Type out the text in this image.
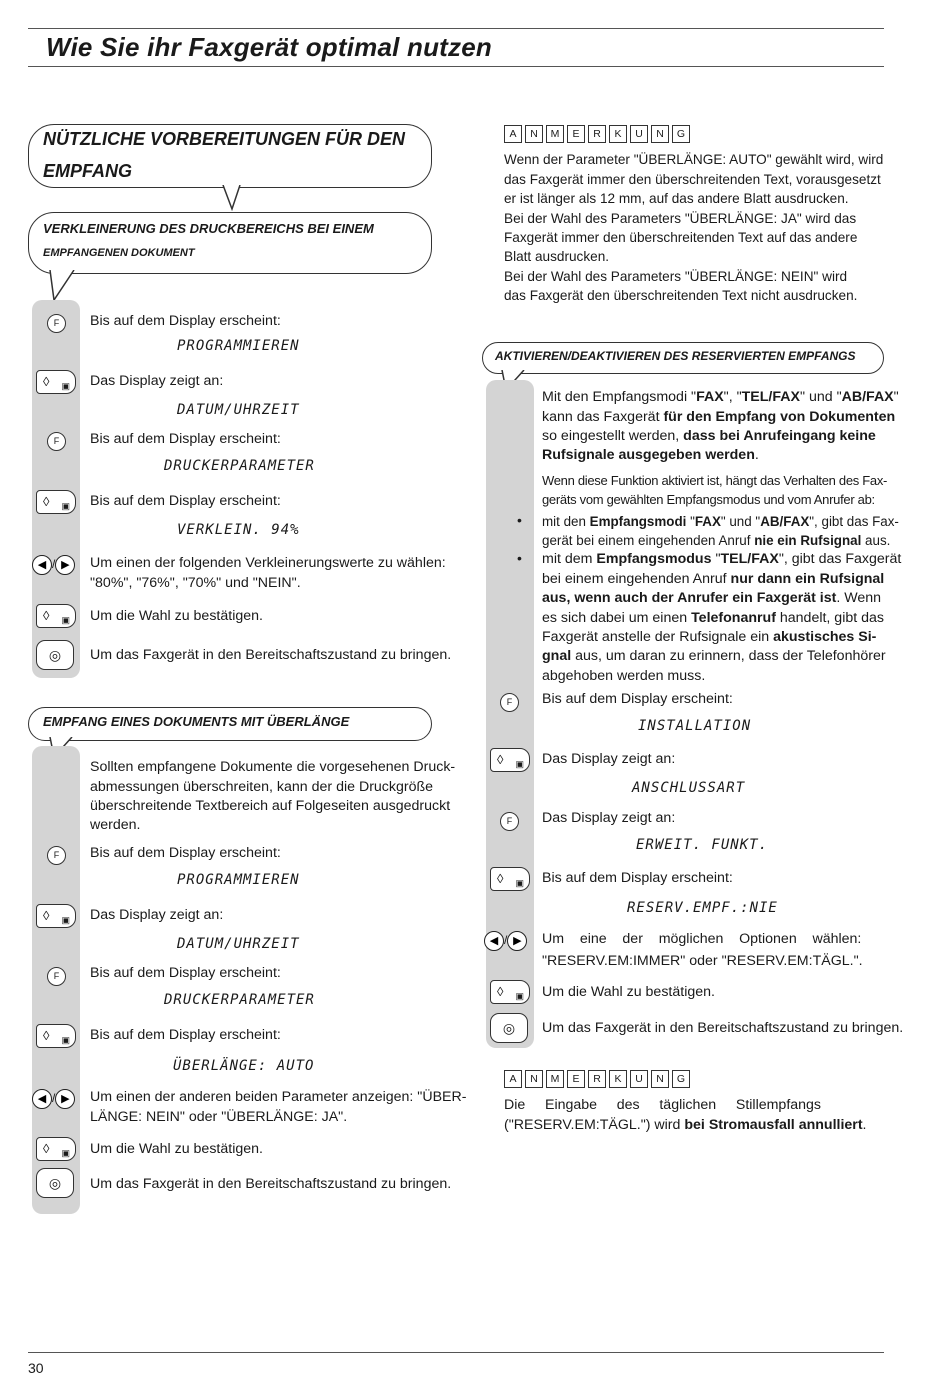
Wie Sie ihr Faxgerät optimal nutzen
NÜTZLICHE VORBEREITUNGEN FÜR DEN
EMPFANG
VERKLEINERUNG DES DRUCKBEREICHS BEI EINEM
EMPFANGENEN DOKUMENT
F	Bis auf dem Display erscheint:
PROGRAMMIEREN
◊ ▣ Das Display zeigt an:
DATUM/UHRZEIT
F	Bis auf dem Display erscheint:
DRUCKERPARAMETER
◊ ▣ Bis auf dem Display erscheint:
VERKLEIN. 94%
◀ / ▶	Um einen der folgenden Verkleinerungswerte zu wählen:
"80%", "76%", "70%" und "NEIN".
◊ ▣ Um die Wahl zu bestätigen.
◎	Um das Faxgerät in den Bereitschaftszustand zu bringen.
EMPFANG EINES DOKUMENTS MIT ÜBERLÄNGE
Sollten empfangene Dokumente die vorgesehenen Druck-
abmessungen überschreiten, kann der die Druckgröße
überschreitende Textbereich auf Folgeseiten ausgedruckt
werden.
F	Bis auf dem Display erscheint:
PROGRAMMIEREN
◊ ▣ Das Display zeigt an:
DATUM/UHRZEIT
F	Bis auf dem Display erscheint:
DRUCKERPARAMETER
◊ ▣ Bis auf dem Display erscheint:
ÜBERLÄNGE: AUTO
◀ / ▶	Um einen der anderen beiden Parameter anzeigen: "ÜBER-
LÄNGE: NEIN" oder "ÜBERLÄNGE: JA".
◊ ▣ Um die Wahl zu bestätigen.
◎	Um das Faxgerät in den Bereitschaftszustand zu bringen.
A	N	M	E	R	K	U	N	G
Wenn der Parameter "ÜBERLÄNGE: AUTO" gewählt wird, wird
das Faxgerät immer den überschreitenden Text, vorausgesetzt
er ist länger als 12 mm, auf das andere Blatt ausdrucken.
Bei der Wahl des Parameters "ÜBERLÄNGE: JA" wird das
Faxgerät immer den überschreitenden Text auf das andere
Blatt ausdrucken.
Bei der Wahl des Parameters "ÜBERLÄNGE: NEIN" wird
das Faxgerät den überschreitenden Text nicht ausdrucken.
AKTIVIEREN/DEAKTIVIEREN DES RESERVIERTEN EMPFANGS
Mit den Empfangsmodi "FAX", "TEL/FAX" und "AB/FAX"
kann das Faxgerät für den Empfang von Dokumenten
so eingestellt werden, dass bei Anrufeingang keine
Rufsignale ausgegeben werden.
Wenn diese Funktion aktiviert ist, hängt das Verhalten des Fax-
geräts vom gewählten Empfangsmodus und vom Anrufer ab:
• mit den Empfangsmodi "FAX" und "AB/FAX", gibt das Fax-
gerät bei einem eingehenden Anruf nie ein Rufsignal aus.
• mit dem Empfangsmodus "TEL/FAX", gibt das Faxgerät
bei einem eingehenden Anruf nur dann ein Rufsignal
aus, wenn auch der Anrufer ein Faxgerät ist. Wenn
es sich dabei um einen Telefonanruf handelt, gibt das
Faxgerät anstelle der Rufsignale ein akustisches Si-
gnal aus, um daran zu erinnern, dass der Telefonhörer
abgehoben werden muss.
F	Bis auf dem Display erscheint:
INSTALLATION
◊ ▣ Das Display zeigt an:
ANSCHLUSSART
F	Das Display zeigt an:
ERWEIT. FUNKT.
◊ ▣ Bis auf dem Display erscheint:
RESERV.EMPF.:NIE
◀ / ▶	Um    eine    der    möglichen    Optionen    wählen:
"RESERV.EM:IMMER" oder "RESERV.EM:TÄGL.".
◊ ▣ Um die Wahl zu bestätigen.
◎	Um das Faxgerät in den Bereitschaftszustand zu bringen.
A	N	M	E	R	K	U	N	G
Die     Eingabe     des     täglichen     Stillempfangs
("RESERV.EM:TÄGL.") wird bei Stromausfall annulliert.
30
